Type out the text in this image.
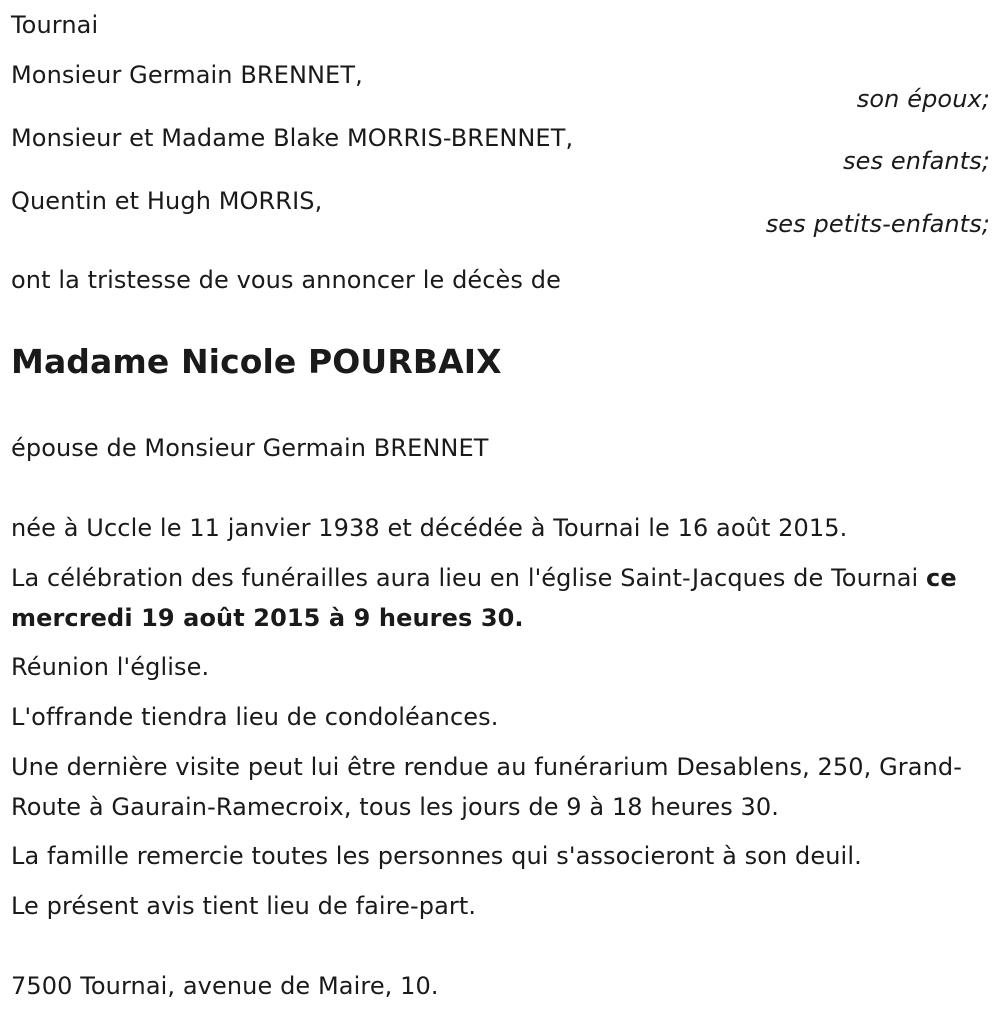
Tournai
Monsieur Germain BRENNET,
son époux;
Monsieur et Madame Blake MORRIS-BRENNET,
ses enfants;
Quentin et Hugh MORRIS,
ses petits-enfants;
ont la tristesse de vous annoncer le décès de
Madame Nicole POURBAIX
épouse de Monsieur Germain BRENNET
née à Uccle le 11 janvier 1938 et décédée à Tournai le 16 août 2015.
La célébration des funérailles aura lieu en l'église Saint-Jacques de Tournai ce mercredi 19 août 2015 à 9 heures 30.
Réunion l'église.
L'offrande tiendra lieu de condoléances.
Une dernière visite peut lui être rendue au funérarium Desablens, 250, Grand-Route à Gaurain-Ramecroix, tous les jours de 9 à 18 heures 30.
La famille remercie toutes les personnes qui s'associeront à son deuil.
Le présent avis tient lieu de faire-part.
7500 Tournai, avenue de Maire, 10.
